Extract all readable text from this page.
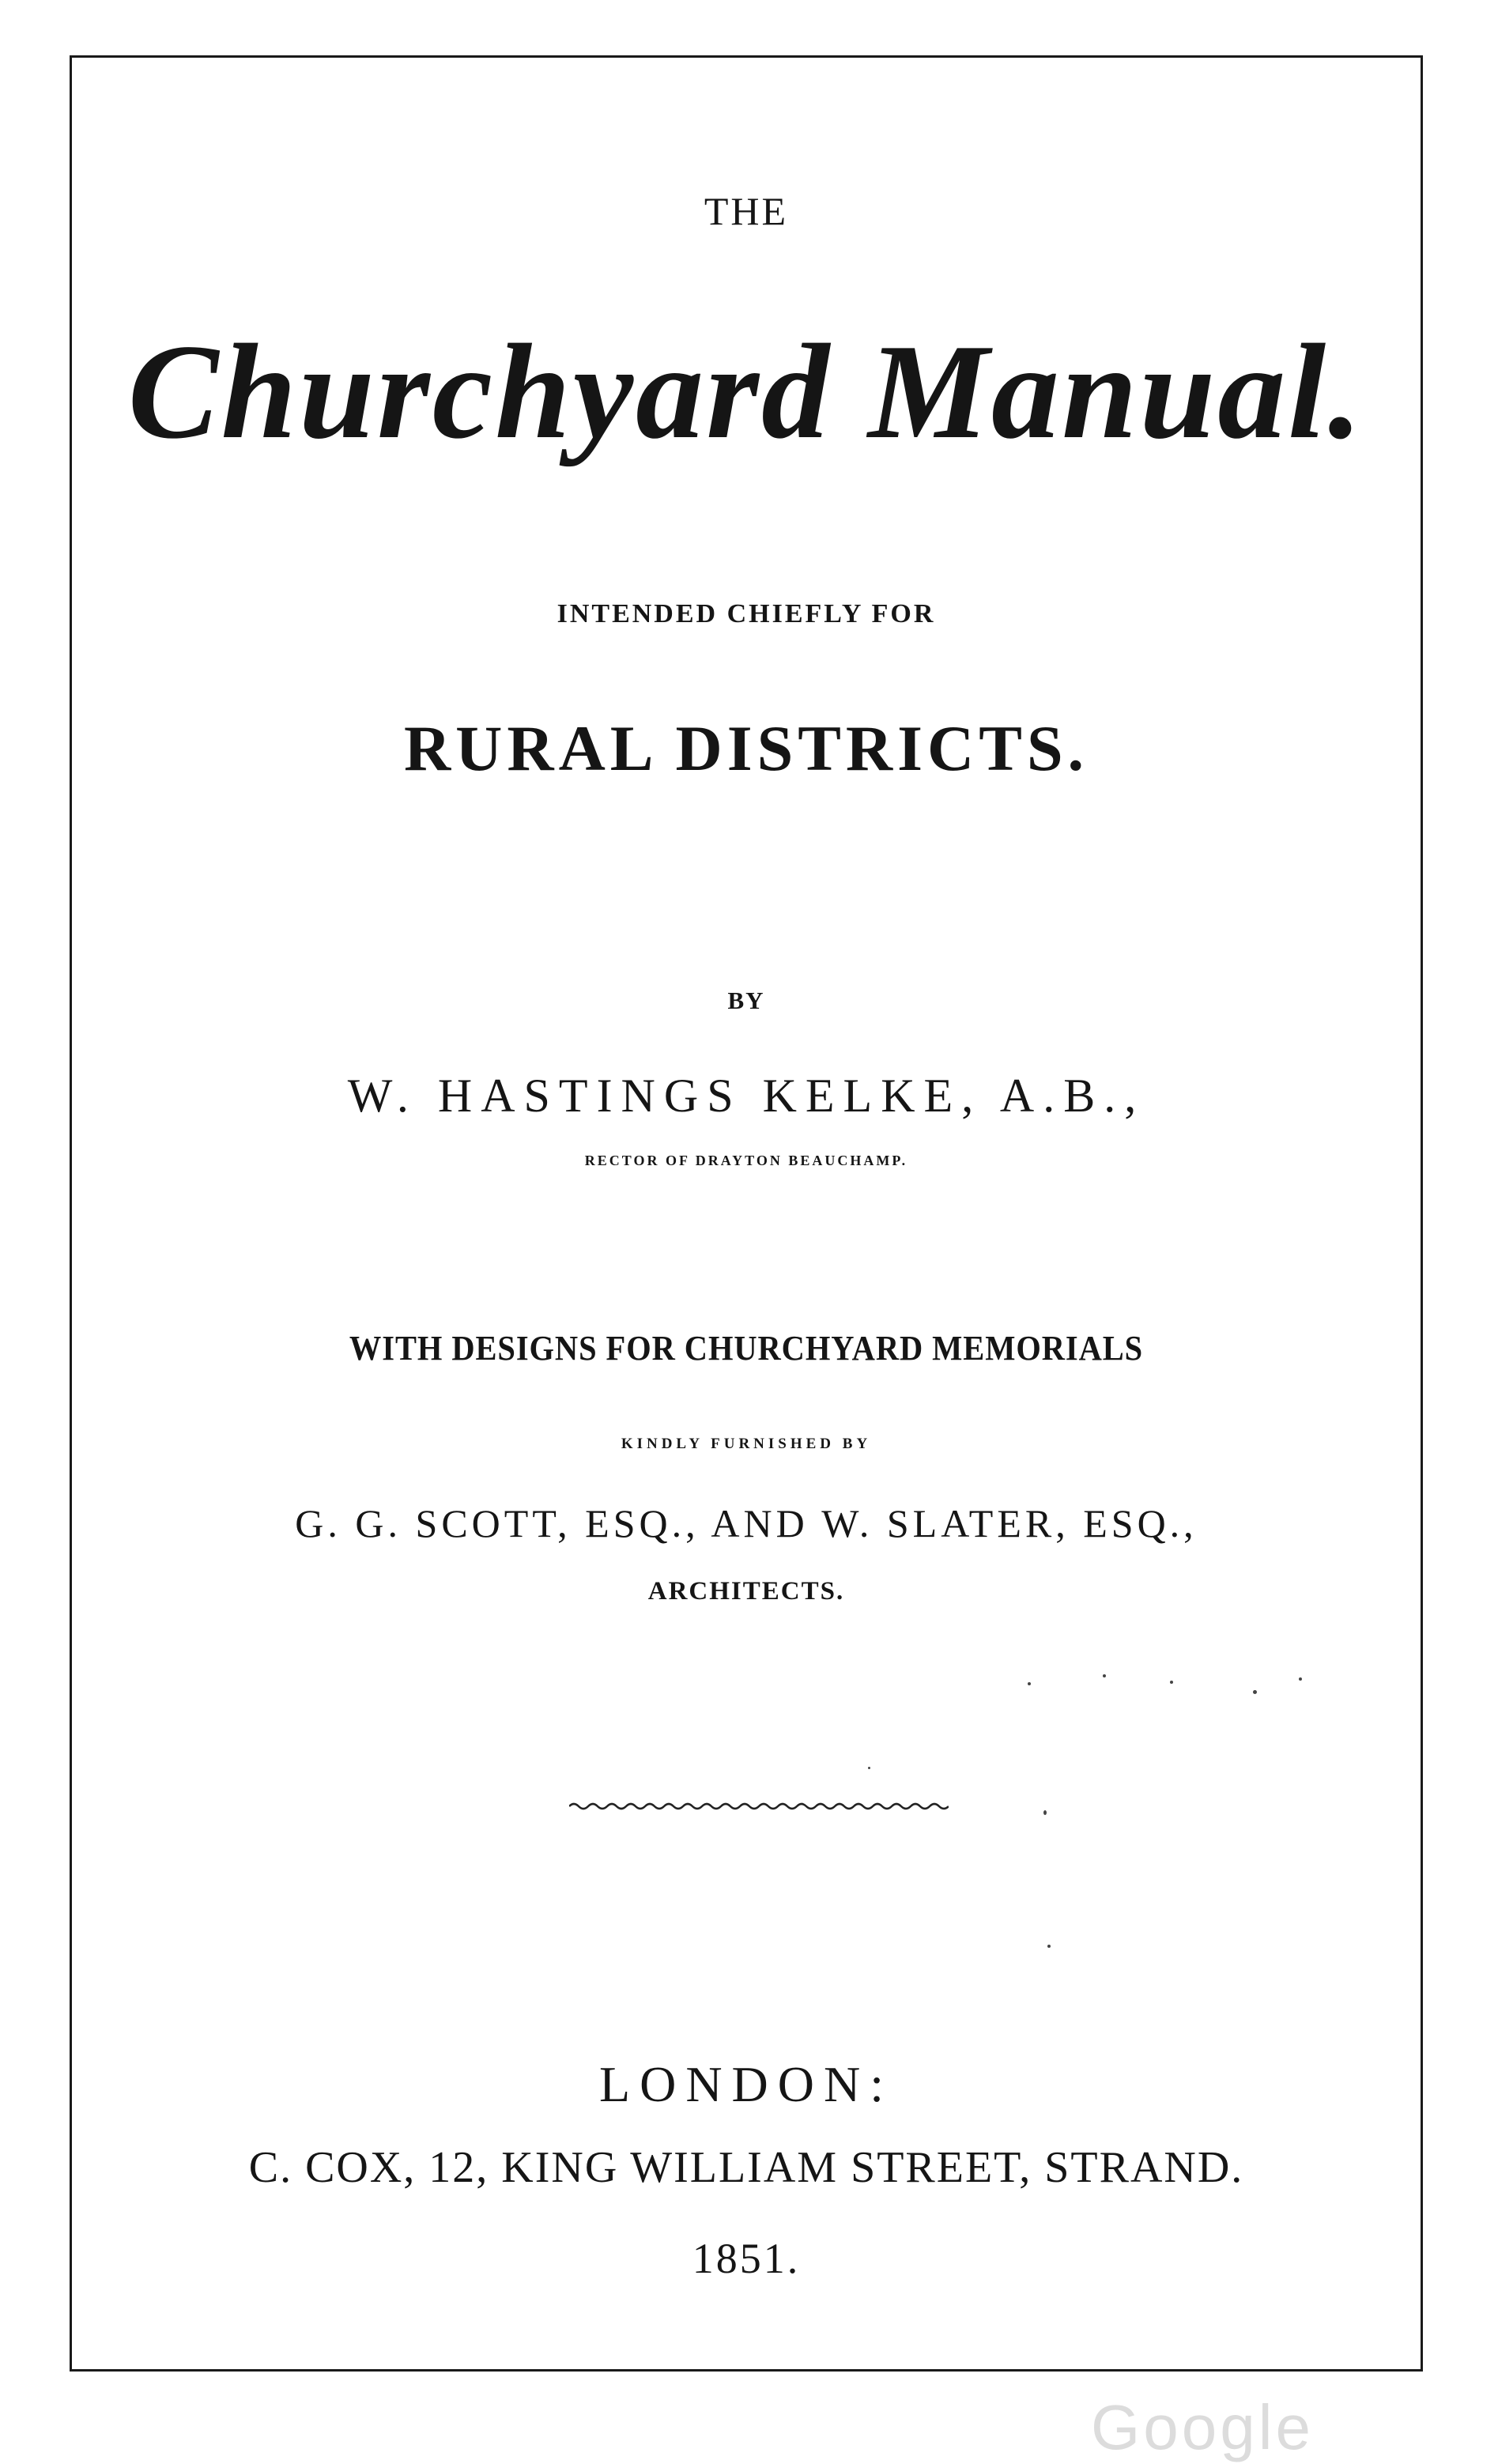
THE
Churchyard Manual.
INTENDED CHIEFLY FOR
RURAL DISTRICTS.
BY
W. HASTINGS KELKE, A.B.,
RECTOR OF DRAYTON BEAUCHAMP.
WITH DESIGNS FOR CHURCHYARD MEMORIALS
KINDLY FURNISHED BY
G. G. SCOTT, ESQ., AND W. SLATER, ESQ.,
ARCHITECTS.
LONDON:
C. COX, 12, KING WILLIAM STREET, STRAND.
1851.
Google
